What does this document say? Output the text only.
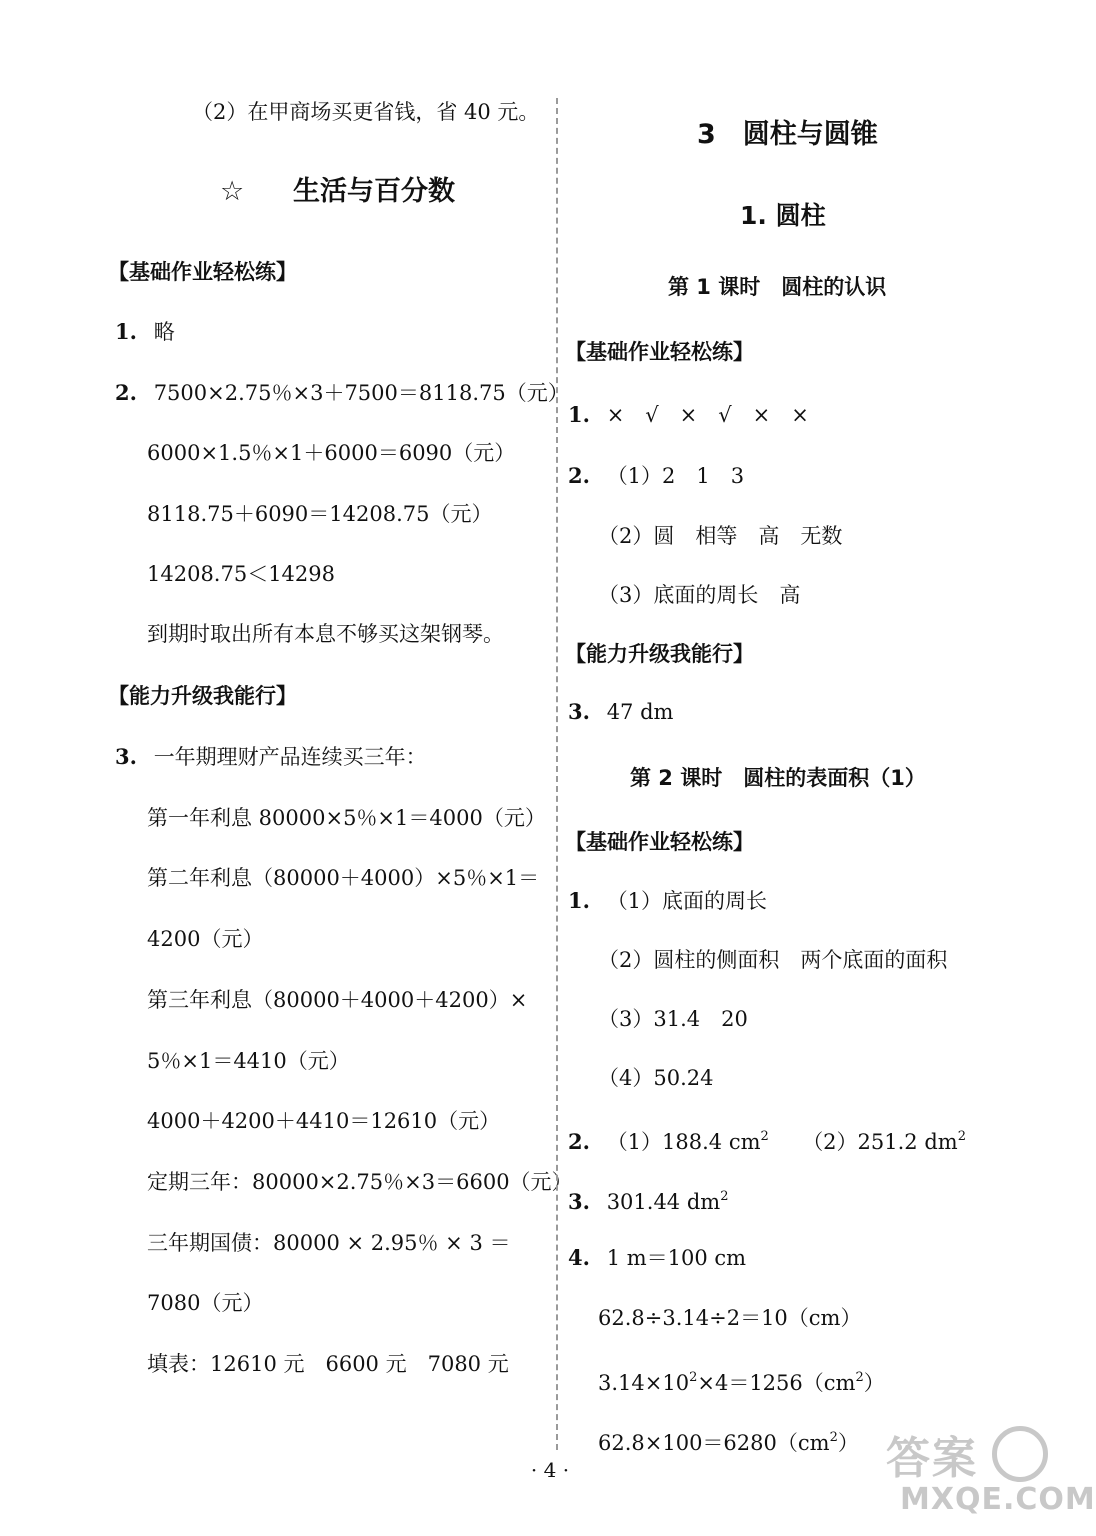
（2）在甲商场买更省钱，省 40 元。
☆ 生活与百分数
【基础作业轻松练】
1. 略
2. 7500×2.75％×3＋7500＝8118.75（元）
6000×1.5％×1＋6000＝6090（元）
8118.75＋6090＝14208.75（元）
14208.75＜14298
到期时取出所有本息不够买这架钢琴。
【能力升级我能行】
3. 一年期理财产品连续买三年：
第一年利息 80000×5％×1＝4000（元）
第二年利息（80000＋4000）×5％×1＝
4200（元）
第三年利息（80000＋4000＋4200）×
5％×1＝4410（元）
4000＋4200＋4410＝12610（元）
定期三年：80000×2.75％×3＝6600（元）
三年期国债：80000 × 2.95％ × 3 ＝
7080（元）
填表：12610 元　6600 元　7080 元
3　圆柱与圆锥
1. 圆柱
第 1 课时　圆柱的认识
【基础作业轻松练】
1. ×　√　×　√　×　×
2. （1）2　1　3
（2）圆　相等　高　无数
（3）底面的周长　高
【能力升级我能行】
3. 47 dm
第 2 课时　圆柱的表面积（1）
【基础作业轻松练】
1. （1）底面的周长
（2）圆柱的侧面积　两个底面的面积
（3）31.4　20
（4）50.24
2. （1）188.4 $cm^2$ （2）251.2 $dm^2$
3. 301.44 $dm^2$
4. 1 m＝100 cm
62.8÷3.14÷2＝10（cm）
$3.14\times 10^2\times 4=1256(cm^2)$
$62.8\times 100=6280(cm^2)$
· 4 ·	答案
MXQE.COM
